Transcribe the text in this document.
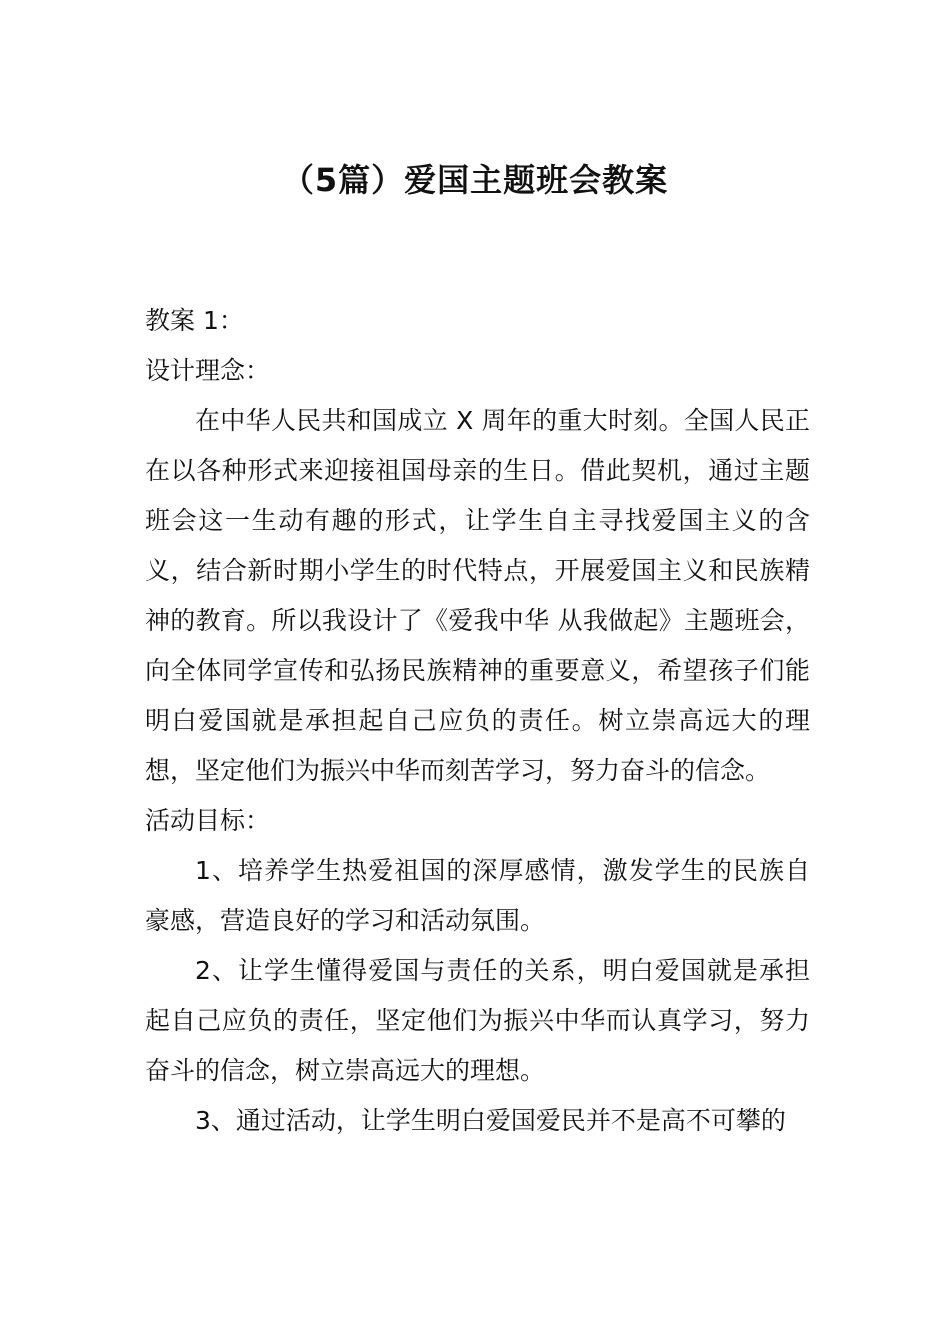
（5篇）爱国主题班会教案

教案 1：

设计理念：

在中华人民共和国成立 X 周年的重大时刻。全国人民正在以各种形式来迎接祖国母亲的生日。借此契机，通过主题班会这一生动有趣的形式，让学生自主寻找爱国主义的含义，结合新时期小学生的时代特点，开展爱国主义和民族精神的教育。所以我设计了《爱我中华 从我做起》主题班会，向全体同学宣传和弘扬民族精神的重要意义，希望孩子们能明白爱国就是承担起自己应负的责任。树立崇高远大的理想，坚定他们为振兴中华而刻苦学习，努力奋斗的信念。

活动目标：

1、培养学生热爱祖国的深厚感情，激发学生的民族自豪感，营造良好的学习和活动氛围。

2、让学生懂得爱国与责任的关系，明白爱国就是承担起自己应负的责任，坚定他们为振兴中华而认真学习，努力奋斗的信念，树立崇高远大的理想。

3、通过活动，让学生明白爱国爱民并不是高不可攀的
